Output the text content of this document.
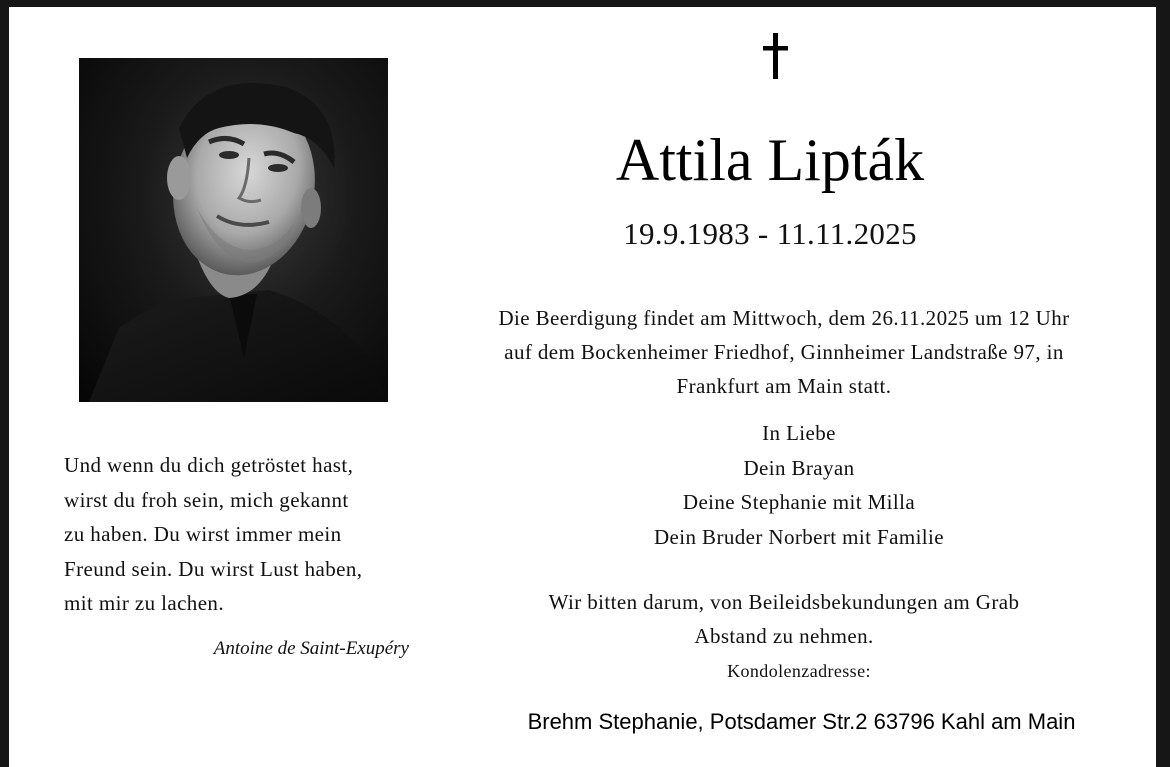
Attila Lipták
19.9.1983 - 11.11.2025
Die Beerdigung findet am Mittwoch, dem 26.11.2025 um 12 Uhr
auf dem Bockenheimer Friedhof, Ginnheimer Landstraße 97, in
Frankfurt am Main statt.
In Liebe
Dein Brayan
Deine Stephanie mit Milla
Dein Bruder Norbert mit Familie
Wir bitten darum, von Beileidsbekundungen am Grab
Abstand zu nehmen.
Kondolenzadresse:
Brehm Stephanie, Potsdamer Str.2 63796 Kahl am Main
Und wenn du dich getröstet hast,
wirst du froh sein, mich gekannt
zu haben. Du wirst immer mein
Freund sein. Du wirst Lust haben,
mit mir zu lachen.
Antoine de Saint-Exupéry
